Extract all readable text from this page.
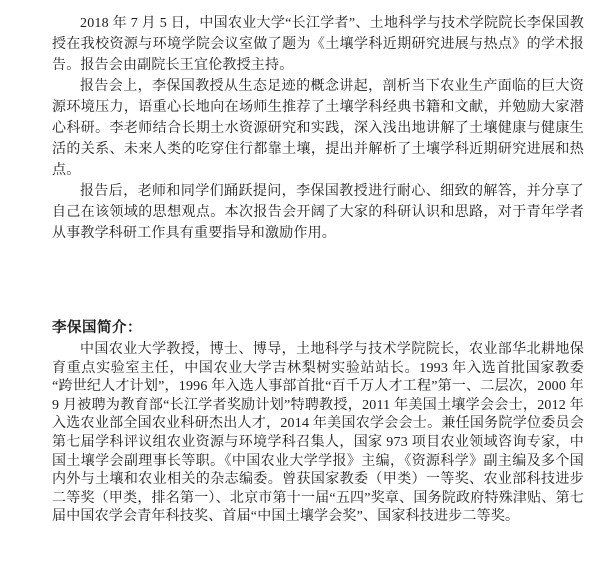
2018 年 7 月 5 日，中国农业大学“长江学者”、土地科学与技术学院院长李保国教授在我校资源与环境学院会议室做了题为《土壤学科近期研究进展与热点》的学术报告。报告会由副院长王宜伦教授主持。

报告会上，李保国教授从生态足迹的概念讲起，剖析当下农业生产面临的巨大资源环境压力，语重心长地向在场师生推荐了土壤学科经典书籍和文献，并勉励大家潜心科研。李老师结合长期土水资源研究和实践，深入浅出地讲解了土壤健康与健康生活的关系、未来人类的吃穿住行都靠土壤，提出并解析了土壤学科近期研究进展和热点。

报告后，老师和同学们踊跃提问，李保国教授进行耐心、细致的解答，并分享了自己在该领域的思想观点。本次报告会开阔了大家的科研认识和思路，对于青年学者从事教学科研工作具有重要指导和激励作用。

李保国简介：

中国农业大学教授，博士、博导，土地科学与技术学院院长，农业部华北耕地保育重点实验室主任，中国农业大学吉林梨树实验站站长。1993 年入选首批国家教委“跨世纪人才计划”，1996 年入选人事部首批“百千万人才工程”第一、二层次，2000 年 9 月被聘为教育部“长江学者奖励计划”特聘教授，2011 年美国土壤学会会士，2012 年入选农业部全国农业科研杰出人才，2014 年美国农学会会士。兼任国务院学位委员会第七届学科评议组农业资源与环境学科召集人，国家 973 项目农业领域咨询专家，中国土壤学会副理事长等职。《中国农业大学学报》主编，《资源科学》副主编及多个国内外与土壤和农业相关的杂志编委。曾获国家教委（甲类）一等奖、农业部科技进步二等奖（甲类，排名第一）、北京市第十一届“五四”奖章、国务院政府特殊津贴、第七届中国农学会青年科技奖、首届“中国土壤学会奖”、国家科技进步二等奖。
